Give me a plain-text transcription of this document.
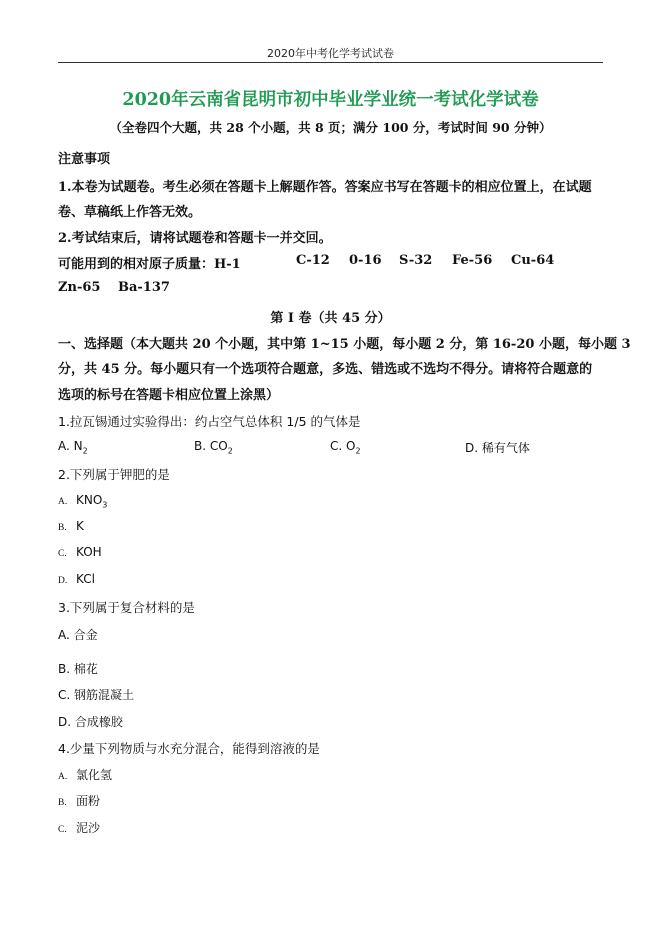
2020年中考化学考试试卷
2020年云南省昆明市初中毕业学业统一考试化学试卷
（全卷四个大题，共 28 个小题，共 8 页；满分 100 分，考试时间 90 分钟）
注意事项
1.本卷为试题卷。考生必须在答题卡上解题作答。答案应书写在答题卡的相应位置上，在试题
卷、草稿纸上作答无效。
2.考试结束后，请将试题卷和答题卡一并交回。
可能用到的相对原子质量：H-1	C-12 0-16 S-32 Fe-56 Cu-64
Zn-65 Ba-137
第 I 卷（共 45 分）
一、选择题（本大题共 20 个小题，其中第 1~15 小题，每小题 2 分，第 16-20 小题，每小题 3
分，共 45 分。每小题只有一个选项符合题意，多选、错选或不选均不得分。请将符合题意的
选项的标号在答题卡相应位置上涂黑）
1.拉瓦锡通过实验得出：约占空气总体积 1/5 的气体是
A. $N_2$	B. $CO_2$	C. $O_2$	D. 稀有气体
2.下列属于钾肥的是
A. $KNO_3$
B. K
C. KOH
D. KCl
3.下列属于复合材料的是
A. 合金
B. 棉花
C. 钢筋混凝土
D. 合成橡胶
4.少量下列物质与水充分混合，能得到溶液的是
A. 氯化氢
B. 面粉
C. 泥沙
